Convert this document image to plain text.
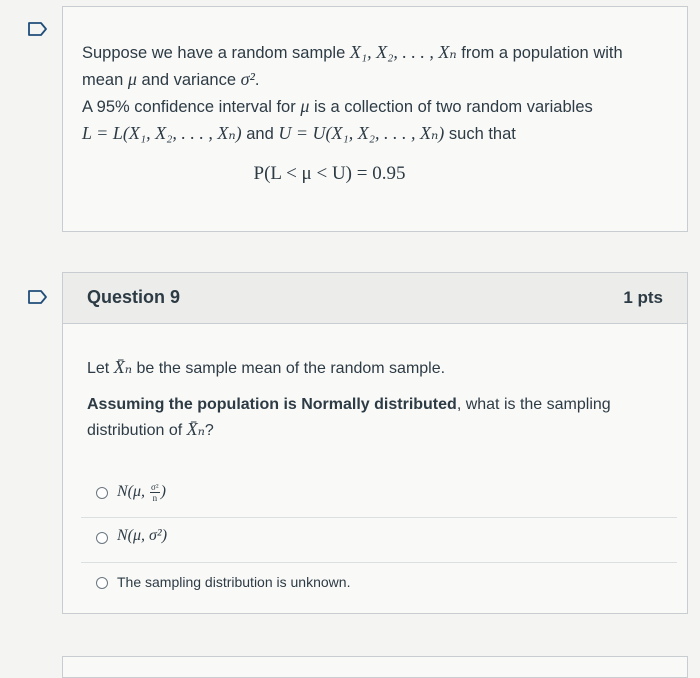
Suppose we have a random sample X₁, X₂, . . . , Xₙ from a population with
mean μ and variance σ².
A 95% confidence interval for μ is a collection of two random variables
L = L(X₁, X₂, . . . , Xₙ) and U = U(X₁, X₂, . . . , Xₙ) such that
P(L < μ < U) = 0.95
Question 9	1 pts

Let X̄ₙ be the sample mean of the random sample.

Assuming the population is Normally distributed, what is the sampling
distribution of X̄ₙ?

N(μ, $\frac{\text{σ²}}{n}$ )
N(μ, σ²)
The sampling distribution is unknown.
